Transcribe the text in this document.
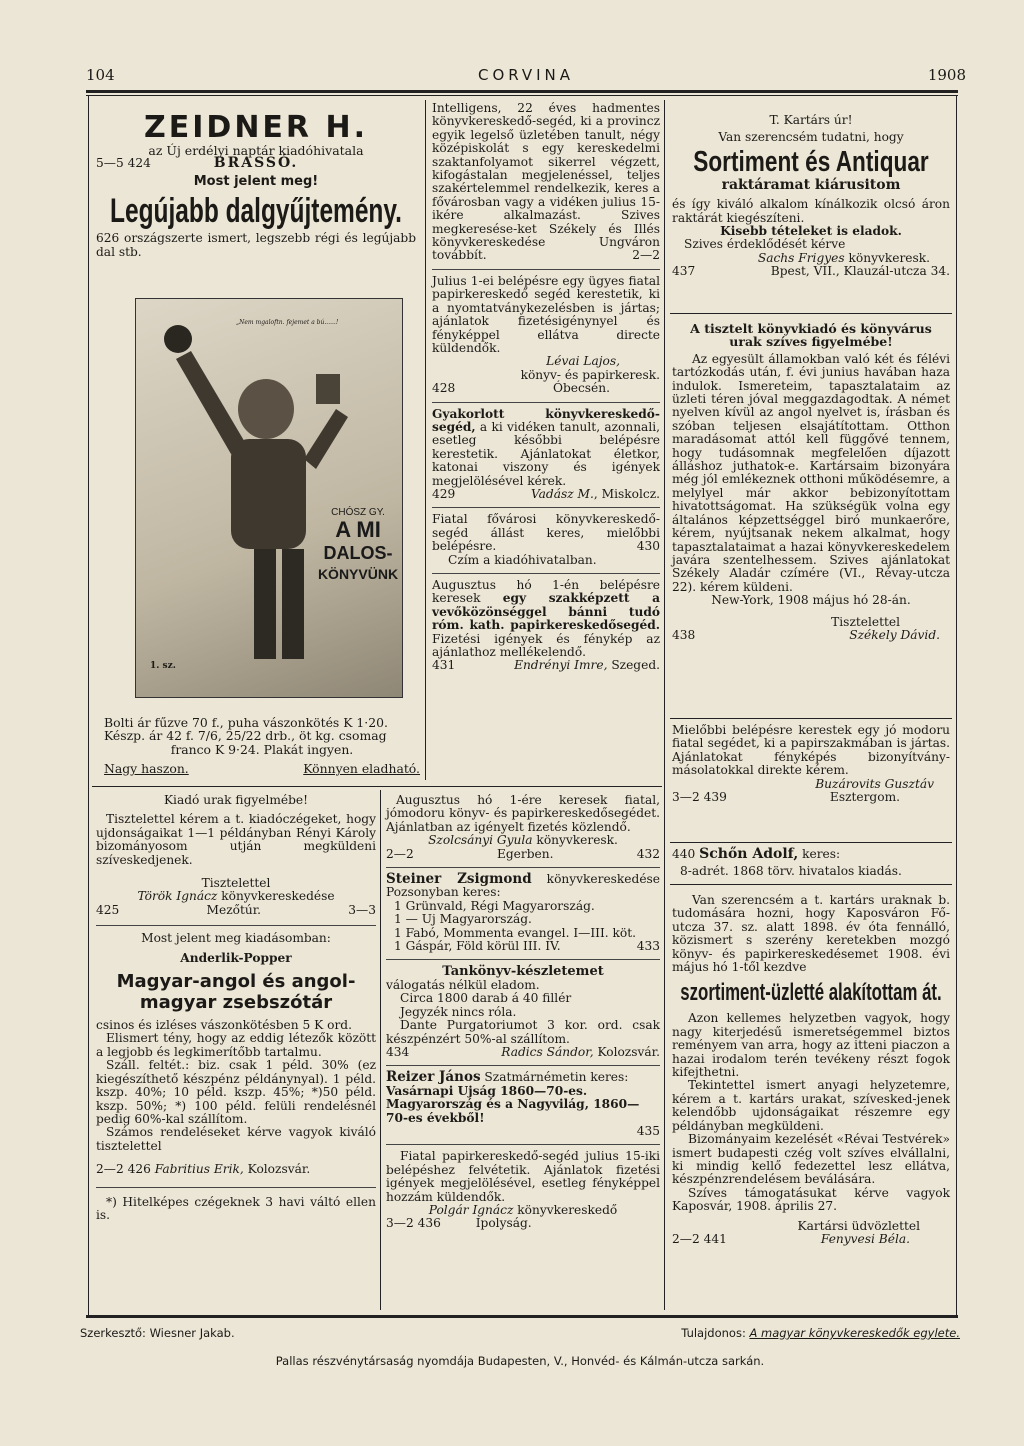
104	CORVINA	1908
ZEIDNER H.
az Új erdélyi naptár kiadóhivatala
5—5 424	BRASSÓ.
Most jelent meg!
Legújabb dalgyűjtemény.
626 országszerte ismert, legszebb régi és legújabb dal stb.
„Nem mgaloftn. fejemet a bú......!
CHÓSZ GY.
A MI
DALOS-
KÖNYVÜNK
1. sz.

Bolti ár fűzve 70 f., puha vászonkötés K 1·20.

Készp. ár 42 f. 7/6, 25/22 drb., öt kg. csomag

franco K 9·24. Plakát ingyen.

Nagy haszon.	Könnyen eladható.

Intelligens, 22 éves hadmentes könyvkereskedő-segéd, ki a provincz egyik legelső üzletében tanult, négy középiskolát s egy kereskedelmi szaktanfolyamot sikerrel végzett, kifogástalan megjelenéssel, teljes szakértelemmel rendelkezik, keres a fővárosban vagy a vidéken julius 15-ikére alkalmazást. Szives megkeresése-ket Székely és Illés könyvkereskedése Ungváron továbbít.	2—2

Julius 1-ei belépésre egy ügyes fiatal papirkereskedő segéd kerestetik, ki a nyomtatványkezelésben is jártas; ajánlatok fizetésigénynyel és fényképpel ellátva directe küldendők.

Lévai Lajos,

könyv- és papirkeresk.

428	Óbecsén.

Gyakorlott könyvkereskedő-segéd, a ki vidéken tanult, azonnali, esetleg későbbi belépésre kerestetik. Ajánlatokat életkor, katonai viszony és igények megjelölésével kérek.

429	Vadász M., Miskolcz.

Fiatal fővárosi könyvkereskedő-segéd állást keres, mielőbbi belépésre.	430

Czím a kiadóhivatalban.

Augusztus hó 1-én belépésre keresek egy szakképzett a vevőközönséggel bánni tudó róm. kath. papirkereskedősegéd. Fizetési igények és fénykép az ajánlathoz mellékelendő.

431	Endrényi Imre, Szeged.

T. Kartárs úr!

Van szerencsém tudatni, hogy

Sortiment és Antiquar

raktáramat kiárusitom

és így kiváló alkalom kínálkozik olcsó áron raktárát kiegészíteni.

Kisebb tételeket is eladok.

Szives érdeklődését kérve

Sachs Frigyes könyvkeresk.

437	Bpest, VII., Klauzál-utcza 34.

A tisztelt könyvkiadó és könyvárus urak szíves figyelmébe!

Az egyesült államokban való két és félévi tartózkodás után, f. évi junius havában haza indulok. Ismereteim, tapasztalataim az üzleti téren jóval meggazdagodtak. A német nyelven kívül az angol nyelvet is, írásban és szóban teljesen elsajátítottam. Otthon maradásomat attól kell függővé tennem, hogy tudásomnak megfelelően díjazott álláshoz juthatok-e. Kartársaim bizonyára még jól emlékeznek otthoni működésemre, a melylyel már akkor bebizonyítottam hivatottságomat. Ha szükségük volna egy általános képzettséggel biró munkaerőre, kérem, nyújtsanak nekem alkalmat, hogy tapasztalataimat a hazai könyvkereskedelem javára szentelhessem. Szives ajánlatokat Székely Aladár czímére (VI., Révay-utcza 22). kérem küldeni.

New-York, 1908 május hó 28-án.

Tisztelettel

438	Székely Dávid.

Mielőbbi belépésre kerestek egy jó modoru fiatal segédet, ki a papirszakmában is jártas. Ajánlatokat fényképés bizonyítvány-másolatokkal direkte kérem.

Buzárovits Gusztáv

3—2 439	Esztergom.

440 Schőn Adolf, keres:

8-adrét. 1868 törv. hivatalos kiadás.

Van szerencsém a t. kartárs uraknak b. tudomására hozni, hogy Kaposváron Fő-utcza 37. sz. alatt 1898. év óta fennálló, közismert s szerény keretekben mozgó könyv- és papirkereskedésemet 1908. évi május hó 1-től kezdve

szortiment-üzletté alakítottam át.

Azon kellemes helyzetben vagyok, hogy nagy kiterjedésű ismeretségemmel biztos reményem van arra, hogy az itteni piaczon a hazai irodalom terén tevékeny részt fogok kifejthetni.

Tekintettel ismert anyagi helyzetemre, kérem a t. kartárs urakat, szívesked-jenek kelendőbb ujdonságaikat részemre egy példányban megküldeni.

Bizományaim kezelését «Révai Testvérek» ismert budapesti czég volt szíves elvállalni, ki mindig kellő fedezettel lesz ellátva, készpénzrendelésem beválására.

Szíves támogatásukat kérve vagyok Kaposvár, 1908. április 27.

Kartársi üdvözlettel

2—2 441	Fenyvesi Béla.

Kiadó urak figyelmébe!

Tisztelettel kérem a t. kiadóczégeket, hogy ujdonságaikat 1—1 példányban Rényi Károly bizományosom utján megküldeni szíveskedjenek.

Tisztelettel

Török Ignácz könyvkereskedése

425	Mezőtúr.	3—3

Most jelent meg kiadásomban:

Anderlik-Popper

Magyar-angol és angol-magyar zsebszótár

csinos és izléses vászonkötésben 5 K ord.

Elismert tény, hogy az eddig létezők között a legjobb és legkimerítőbb tartalmu.

Száll. feltét.: biz. csak 1 péld. 30% (ez kiegészíthető készpénz példánynyal). 1 péld. kszp. 40%; 10 péld. kszp. 45%; *)50 péld. kszp. 50%; *) 100 péld. felüli rendelésnél pedig 60%-kal szállítom.

Számos rendeléseket kérve vagyok kiváló tisztelettel

2—2 426 Fabritius Erik, Kolozsvár.

*) Hitelképes czégeknek 3 havi váltó ellen is.

Augusztus hó 1-ére keresek fiatal, jómodoru könyv- és papirkereskedősegédet. Ajánlatban az igényelt fizetés közlendő.

Szolcsányi Gyula könyvkeresk.

2—2	Egerben.	432

Steiner Zsigmond könyvkereskedése Pozsonyban keres:

1 Grünvald, Régi Magyarország.

1 — Uj Magyarország.

1 Fabó, Mommenta evangel. I—III. köt.

1 Gáspár, Föld körül III. IV.	433

Tankönyv-készletemet

válogatás nélkül eladom.

Circa 1800 darab á 40 fillér

Jegyzék nincs róla.

Dante Purgatoriumot 3 kor. ord. csak készpénzért 50%-al szállítom.

434	Radics Sándor, Kolozsvár.

Reizer János Szatmárnémetin keres:

Vasárnapi Ujság 1860—70-es.

Magyarország és a Nagyvilág, 1860—70-es évekből!

435

Fiatal papirkereskedő-segéd julius 15-iki belépéshez felvétetik. Ajánlatok fizetési igények megjelölésével, esetleg fényképpel hozzám küldendők.

Polgár Ignácz könyvkereskedő

3—2 436	Ipolyság.

Szerkesztő: Wiesner Jakab.	Tulajdonos: A magyar könyvkereskedők egylete.
Pallas részvénytársaság nyomdája Budapesten, V., Honvéd- és Kálmán-utcza sarkán.
